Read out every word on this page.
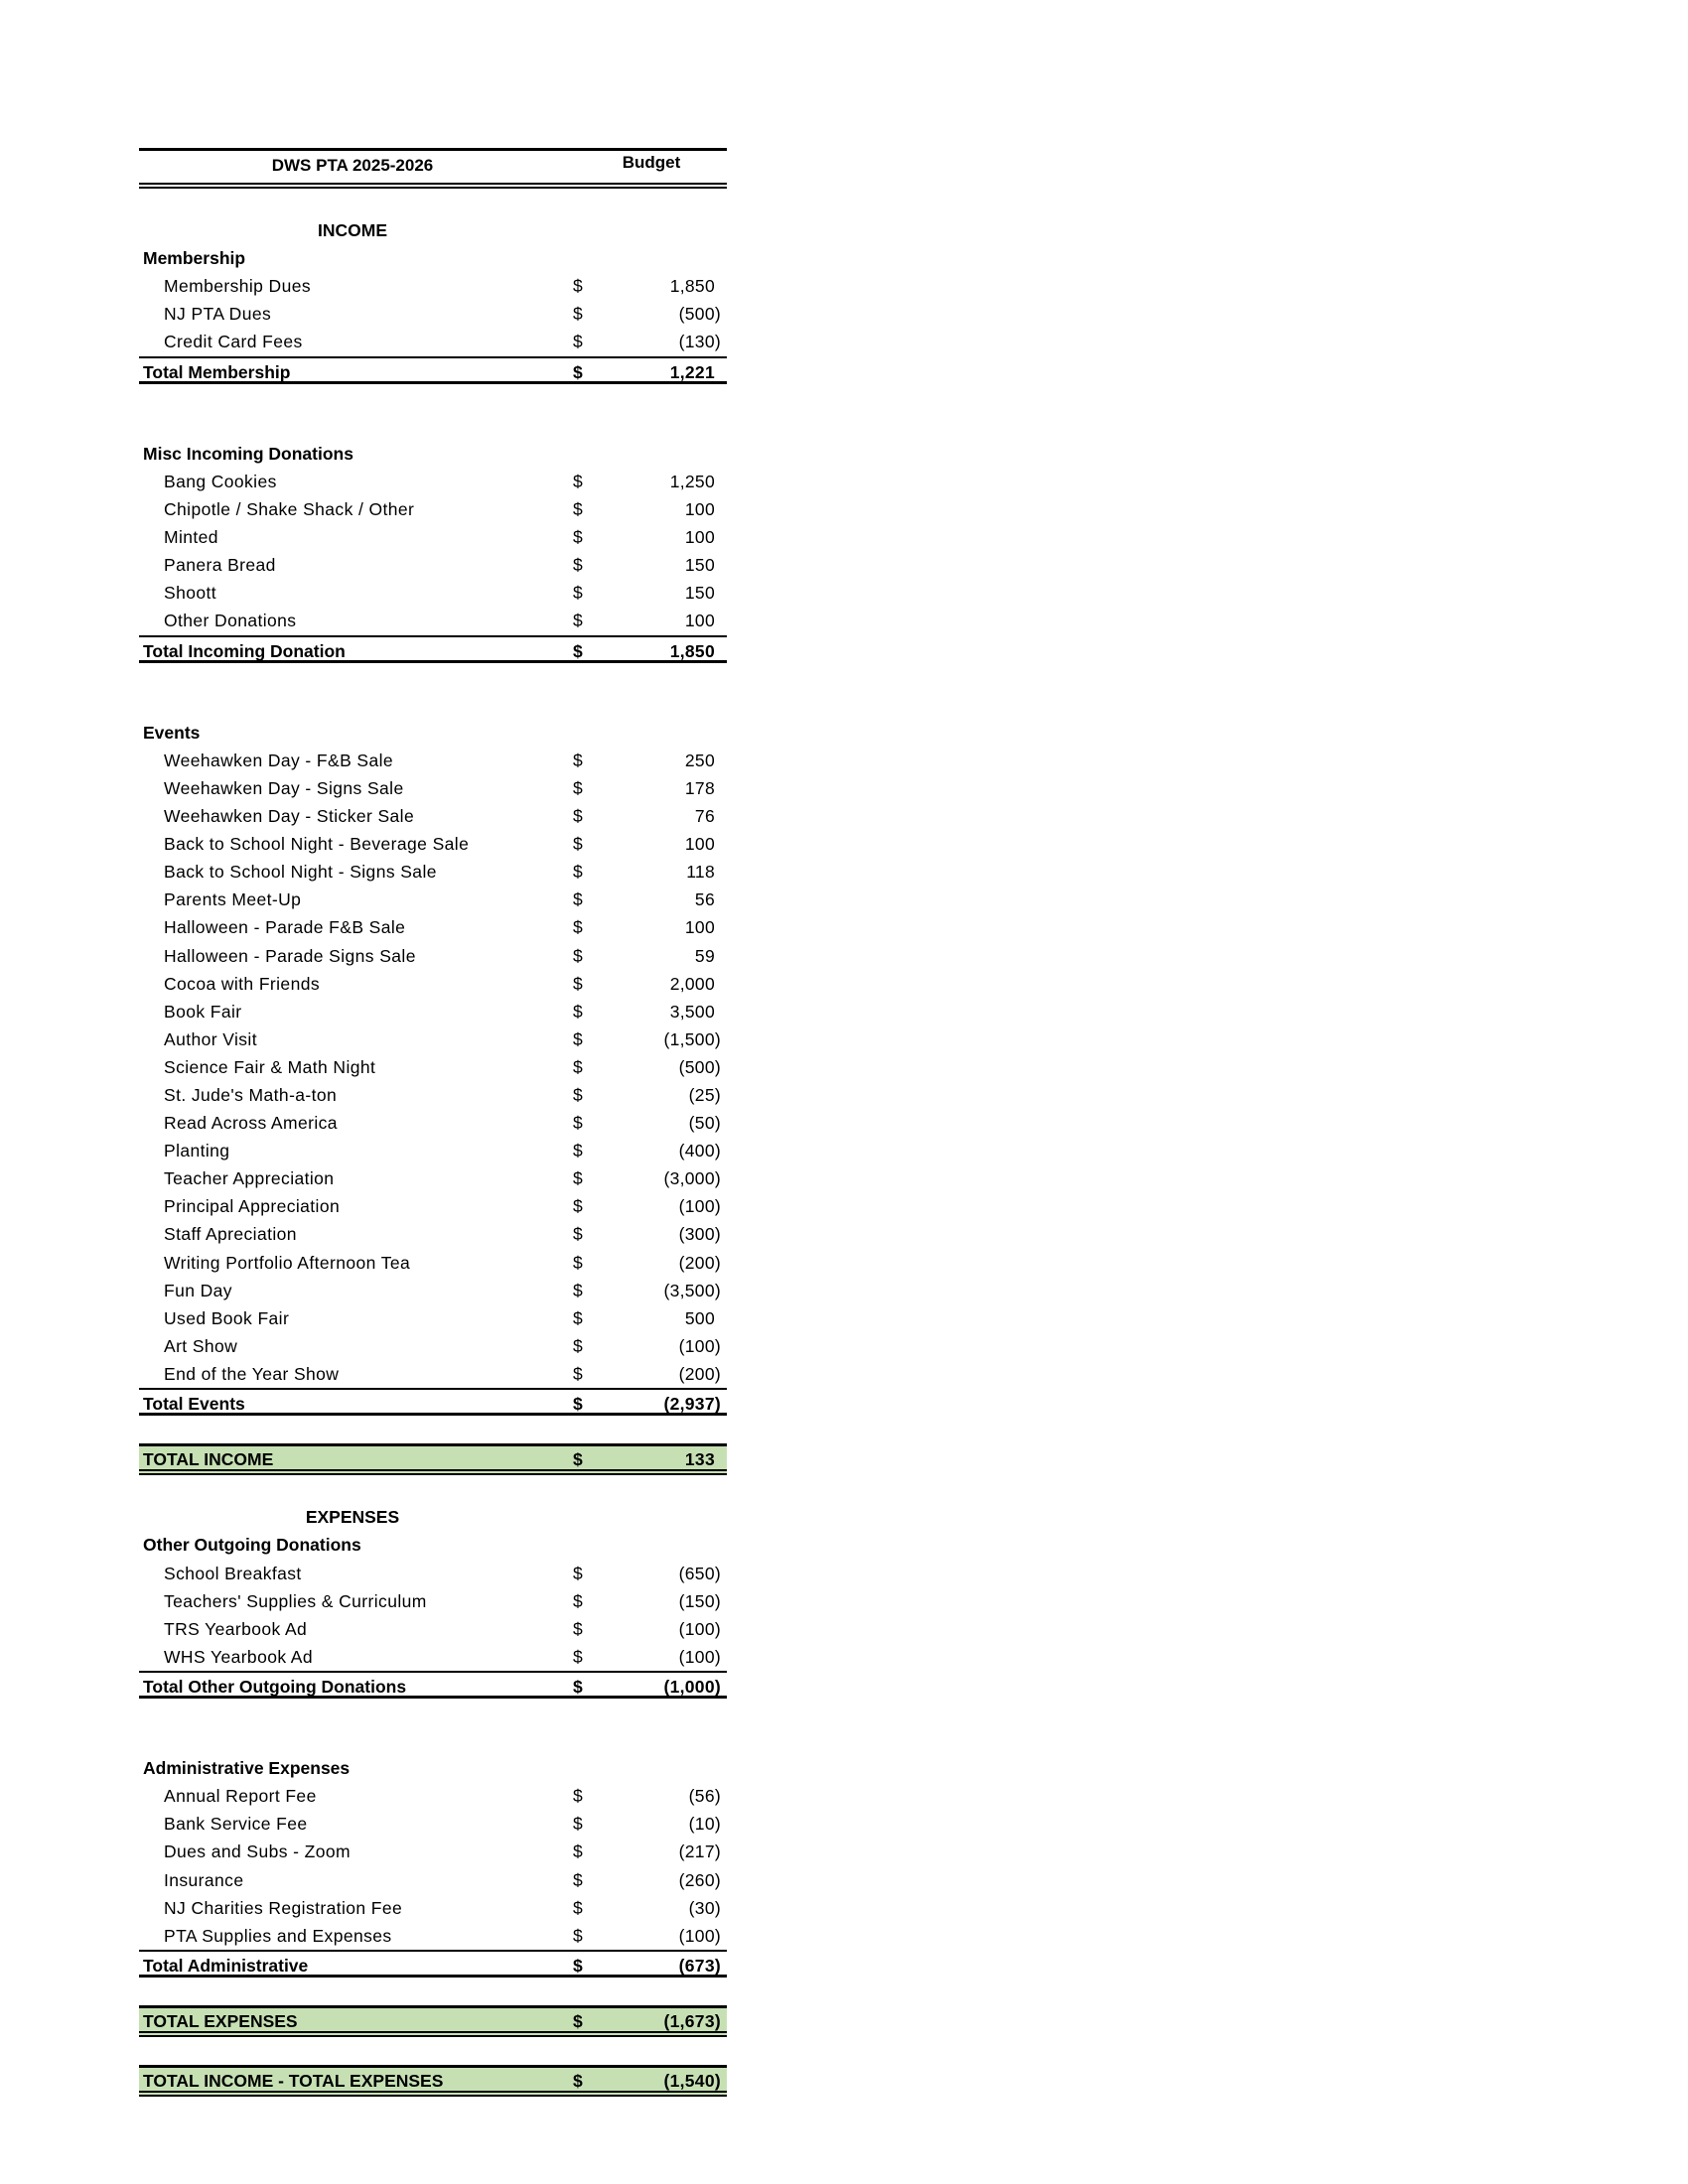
DWS PTA 2025-2026	Budget
INCOME
Membership
Membership Dues	$	1,850
NJ PTA Dues	$	(500)
Credit Card Fees	$	(130)
Total Membership	$	1,221
Misc Incoming Donations
Bang Cookies	$	1,250
Chipotle / Shake Shack / Other	$	100
Minted	$	100
Panera Bread	$	150
Shoott	$	150
Other Donations	$	100
Total Incoming Donation	$	1,850
Events
Weehawken Day - F&B Sale	$	250
Weehawken Day - Signs Sale	$	178
Weehawken Day - Sticker Sale	$	76
Back to School Night - Beverage Sale	$	100
Back to School Night - Signs Sale	$	118
Parents Meet-Up	$	56
Halloween - Parade F&B Sale	$	100
Halloween - Parade Signs Sale	$	59
Cocoa with Friends	$	2,000
Book Fair	$	3,500
Author Visit	$	(1,500)
Science Fair & Math Night	$	(500)
St. Jude's Math-a-ton	$	(25)
Read Across America	$	(50)
Planting	$	(400)
Teacher Appreciation	$	(3,000)
Principal Appreciation	$	(100)
Staff Apreciation	$	(300)
Writing Portfolio Afternoon Tea	$	(200)
Fun Day	$	(3,500)
Used Book Fair	$	500
Art Show	$	(100)
End of the Year Show	$	(200)
Total Events	$	(2,937)
TOTAL INCOME	$	133
EXPENSES
Other Outgoing Donations
School Breakfast	$	(650)
Teachers' Supplies & Curriculum	$	(150)
TRS Yearbook Ad	$	(100)
WHS Yearbook Ad	$	(100)
Total Other Outgoing Donations	$	(1,000)
Administrative Expenses
Annual Report Fee	$	(56)
Bank Service Fee	$	(10)
Dues and Subs - Zoom	$	(217)
Insurance	$	(260)
NJ Charities Registration Fee	$	(30)
PTA Supplies and Expenses	$	(100)
Total Administrative	$	(673)
TOTAL EXPENSES	$	(1,673)
TOTAL INCOME - TOTAL EXPENSES	$	(1,540)
